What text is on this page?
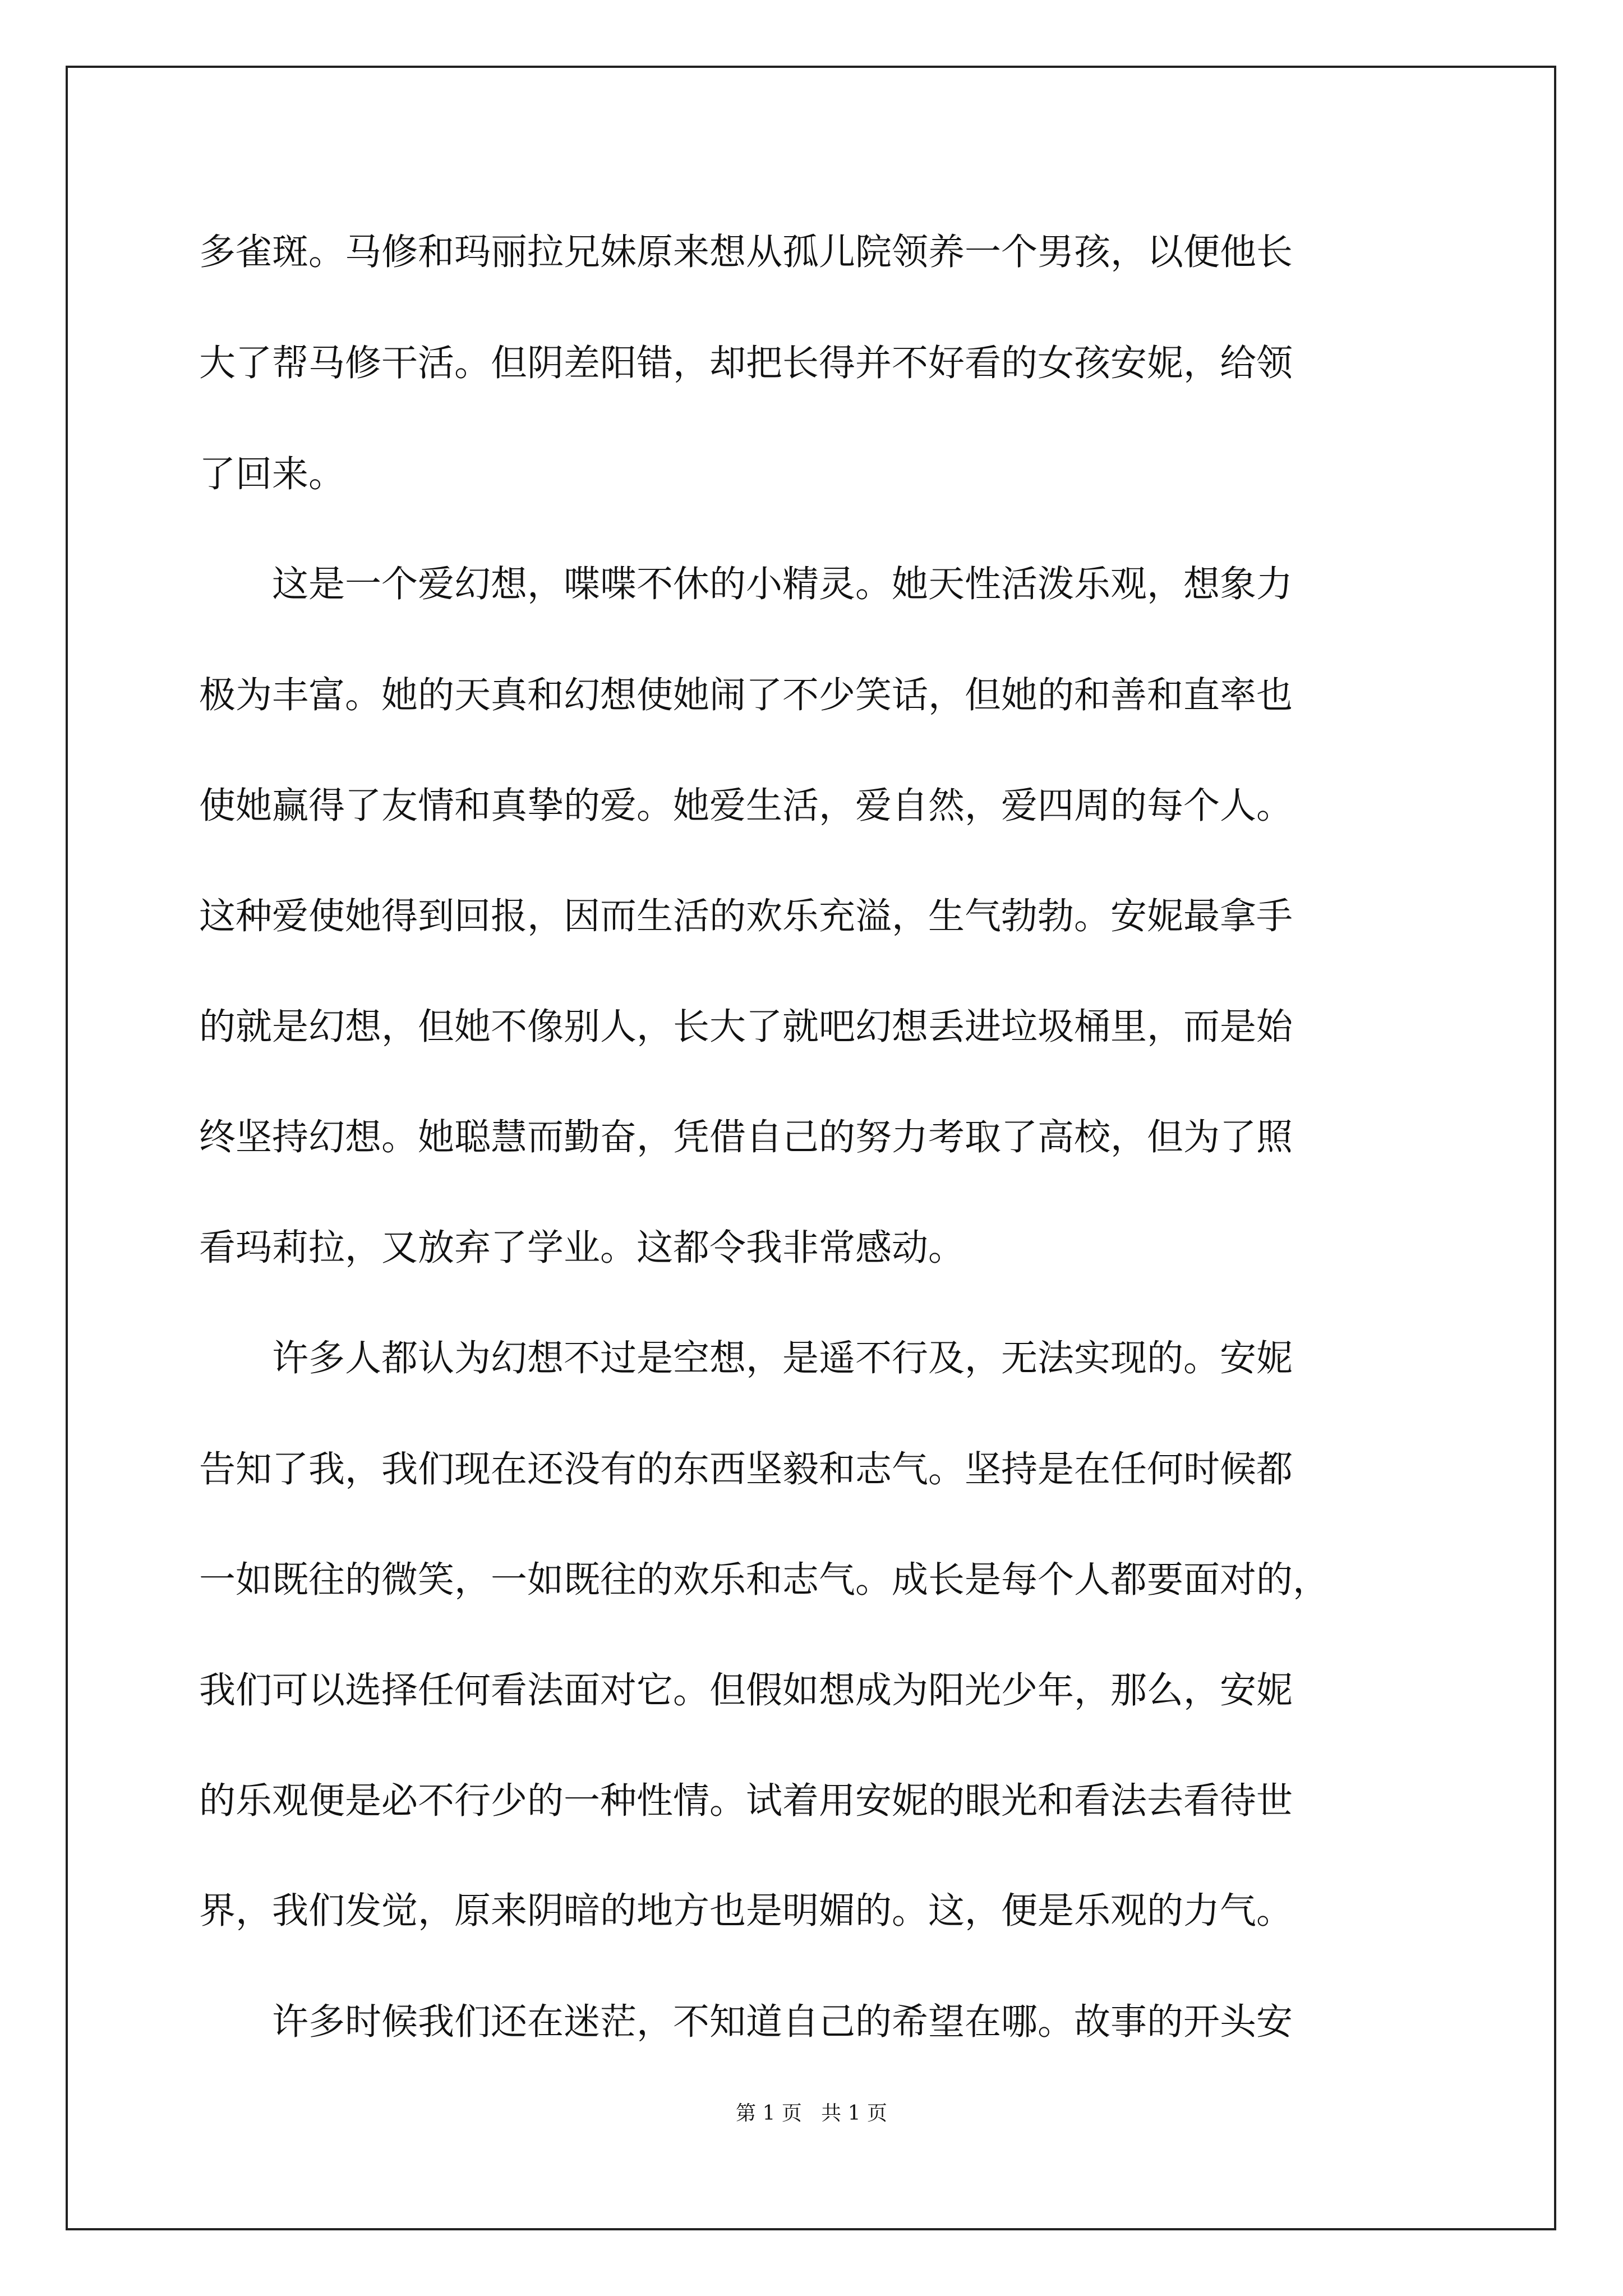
多雀斑。马修和玛丽拉兄妹原来想从孤儿院领养一个男孩，以便他长
大了帮马修干活。但阴差阳错，却把长得并不好看的女孩安妮，给领
了回来。
　　这是一个爱幻想，喋喋不休的小精灵。她天性活泼乐观，想象力
极为丰富。她的天真和幻想使她闹了不少笑话，但她的和善和直率也
使她赢得了友情和真挚的爱。她爱生活，爱自然，爱四周的每个人。
这种爱使她得到回报，因而生活的欢乐充溢，生气勃勃。安妮最拿手
的就是幻想，但她不像别人，长大了就吧幻想丢进垃圾桶里，而是始
终坚持幻想。她聪慧而勤奋，凭借自己的努力考取了高校，但为了照
看玛莉拉，又放弃了学业。这都令我非常感动。
　　许多人都认为幻想不过是空想，是遥不行及，无法实现的。安妮
告知了我，我们现在还没有的东西坚毅和志气。坚持是在任何时候都
一如既往的微笑，一如既往的欢乐和志气。成长是每个人都要面对的，
我们可以选择任何看法面对它。但假如想成为阳光少年，那么，安妮
的乐观便是必不行少的一种性情。试着用安妮的眼光和看法去看待世
界，我们发觉，原来阴暗的地方也是明媚的。这，便是乐观的力气。
　　许多时候我们还在迷茫，不知道自己的希望在哪。故事的开头安
第 1 页   共 1 页
